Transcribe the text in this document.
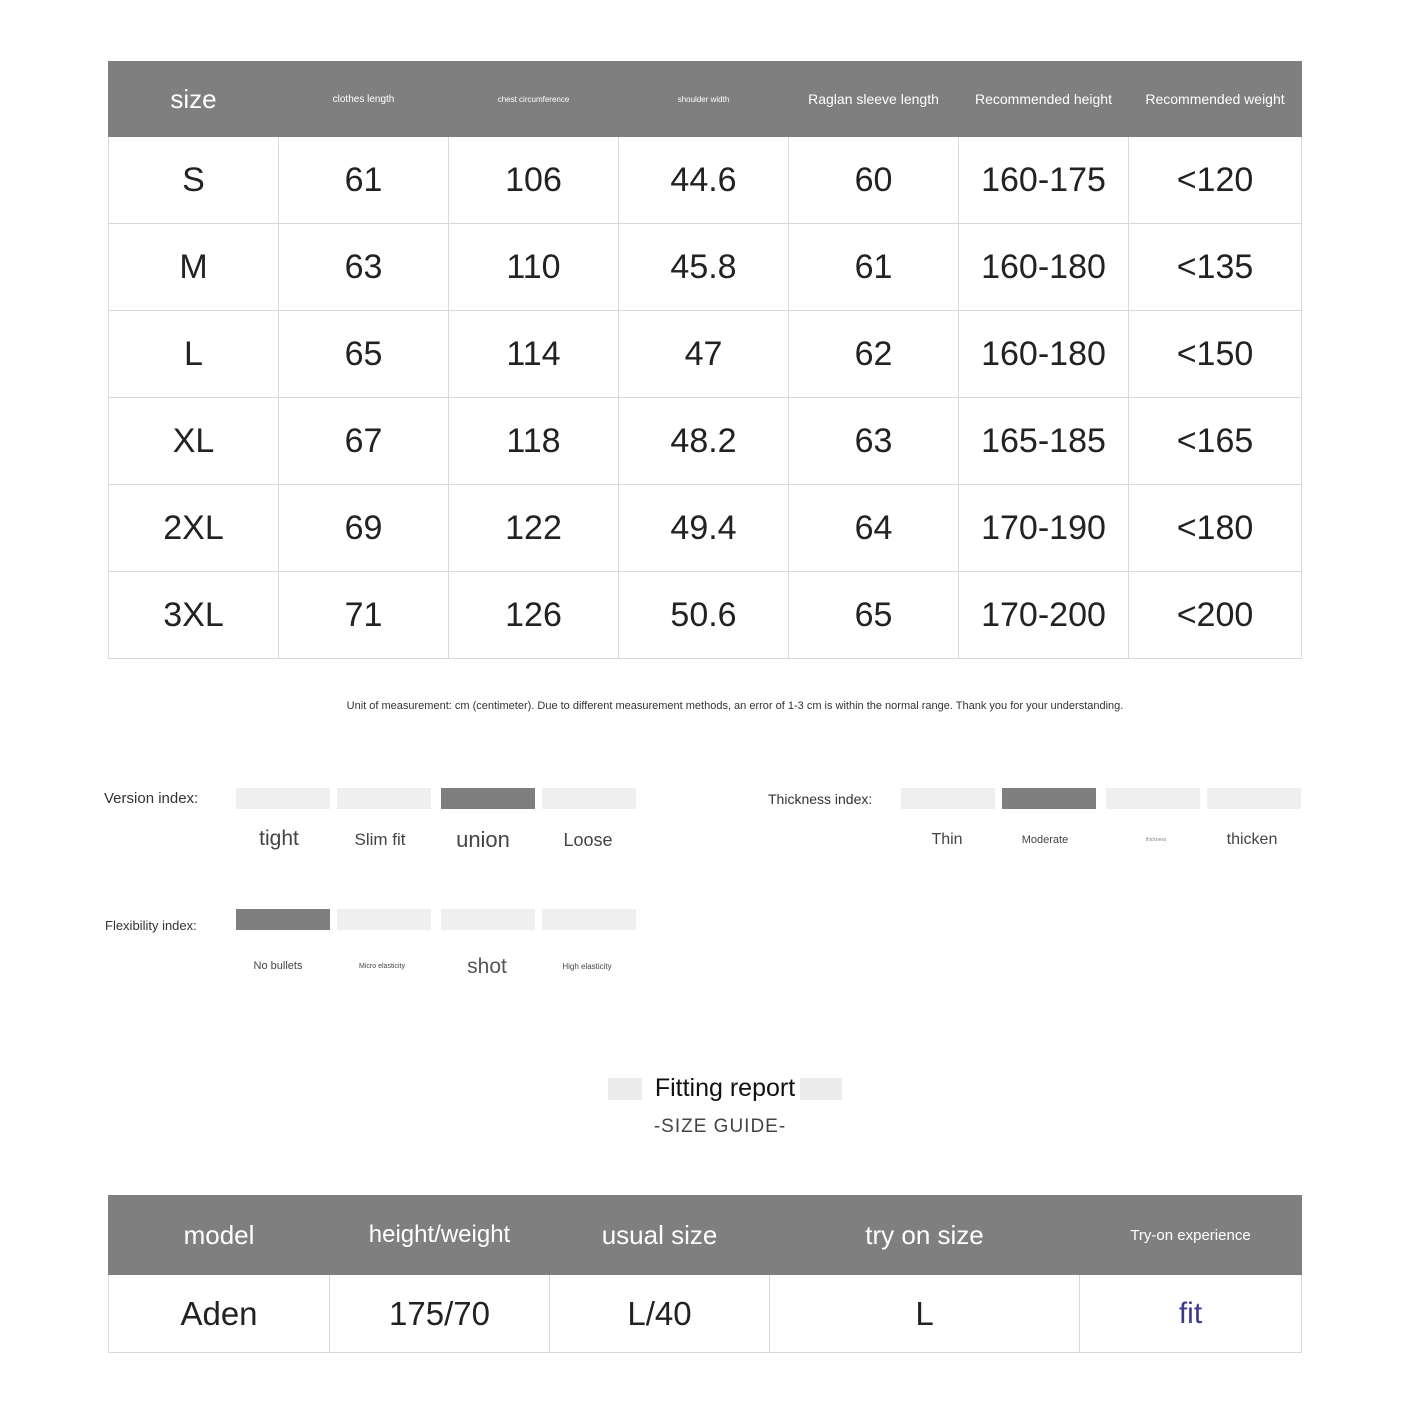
size	clothes length	chest circumference	shoulder width	Raglan sleeve length	Recommended height	Recommended weight
S	61	106	44.6	60	160-175	<120
M	63	110	45.8	61	160-180	<135
L	65	114	47	62	160-180	<150
XL	67	118	48.2	63	165-185	<165
2XL	69	122	49.4	64	170-190	<180
3XL	71	126	50.6	65	170-200	<200
Unit of measurement: cm (centimeter). Due to different measurement methods, an error of 1-3 cm is within the normal range. Thank you for your understanding.
Version index:
tight	Slim fit	union	Loose
Thickness index:
Thin	Moderate	thickness	thicken
Flexibility index:
No bullets	Micro elasticity	shot	High elasticity
Fitting report
-SIZE GUIDE-
model	height/weight	usual size	try on size	Try-on experience
Aden	175/70	L/40	L	fit
